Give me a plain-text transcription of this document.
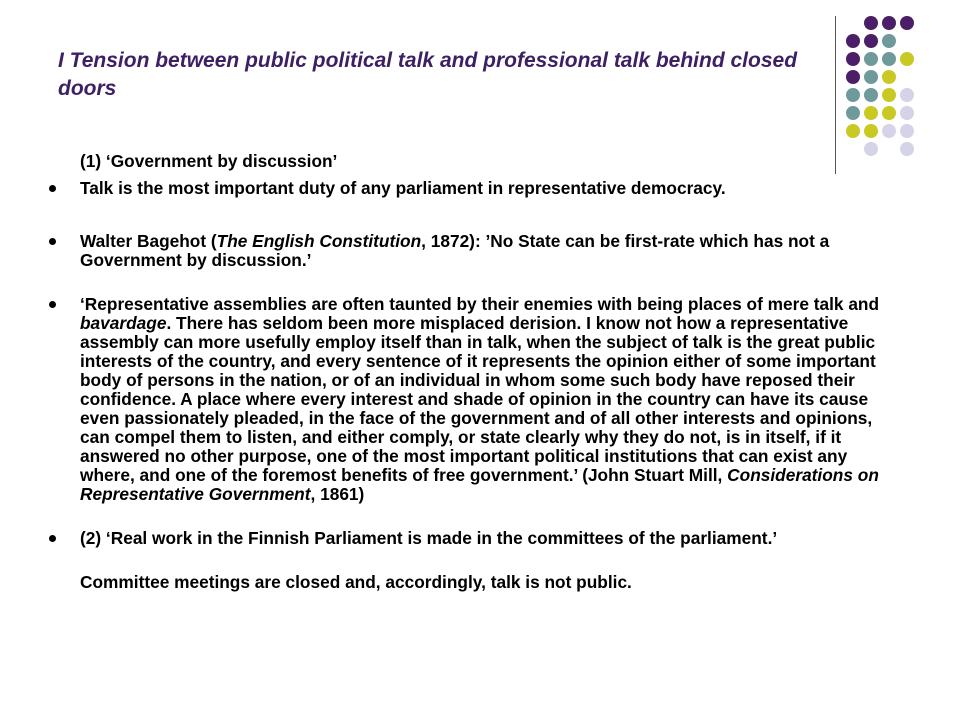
I Tension between public political talk and professional talk behind closed doors

(1) ‘Government by discussion’

Talk is the most important duty of any parliament in representative democracy.

Walter Bagehot (The English Constitution, 1872): ’No State can be first-rate which has not a Government by discussion.’

‘Representative assemblies are often taunted by their enemies with being places of mere talk and bavardage. There has seldom been more misplaced derision. I know not how a representative assembly can more usefully employ itself than in talk, when the subject of talk is the great public interests of the country, and every sentence of it represents the opinion either of some important body of persons in the nation, or of an individual in whom some such body have reposed their confidence. A place where every interest and shade of opinion in the country can have its cause even passionately pleaded, in the face of the government and of all other interests and opinions, can compel them to listen, and either comply, or state clearly why they do not, is in itself, if it answered no other purpose, one of the most important political institutions that can exist any where, and one of the foremost benefits of free government.’ (John Stuart Mill, Considerations on Representative Government, 1861)

(2) ‘Real work in the Finnish Parliament is made in the committees of the parliament.’

Committee meetings are closed and, accordingly, talk is not public.
